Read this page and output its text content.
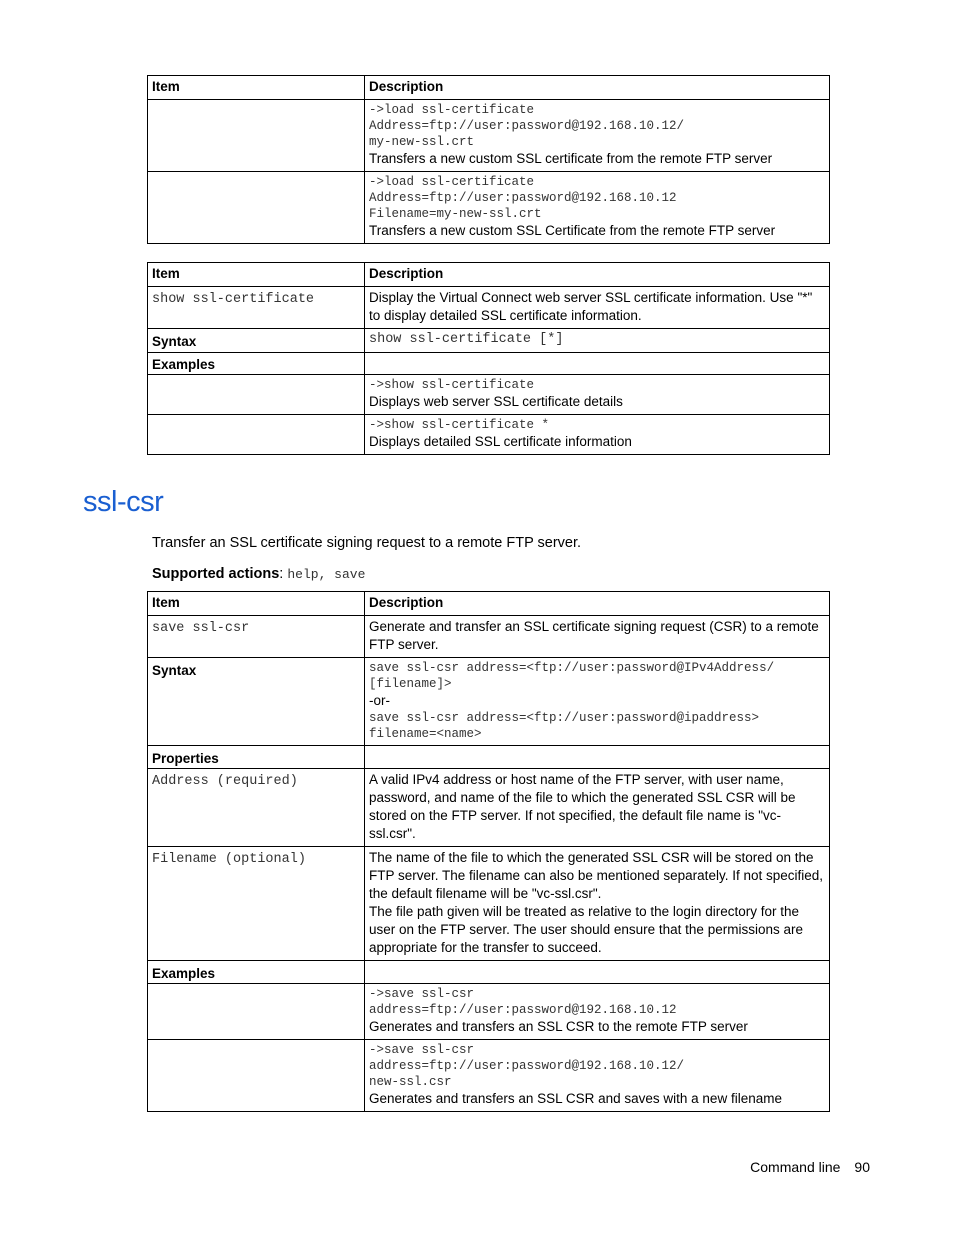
Item	Description

	->load ssl-certificate
Address=ftp://user:password@192.168.10.12/
my-new-ssl.crt
Transfers a new custom SSL certificate from the remote FTP server

	->load ssl-certificate
Address=ftp://user:password@192.168.10.12
Filename=my-new-ssl.crt
Transfers a new custom SSL Certificate from the remote FTP server
Item	Description
show ssl-certificate	Display the Virtual Connect web server SSL certificate information. Use "*" to display detailed SSL certificate information.
Syntax	show ssl-certificate [*]
Examples	

	->show ssl-certificate
Displays web server SSL certificate details

	->show ssl-certificate *
Displays detailed SSL certificate information
ssl-csr

Transfer an SSL certificate signing request to a remote FTP server.

Supported actions: help, save

Item	Description
save ssl-csr	Generate and transfer an SSL certificate signing request (CSR) to a remote FTP server.
Syntax	save ssl-csr address=<ftp://user:password@IPv4Address/
[filename]>
-or-
save ssl-csr address=<ftp://user:password@ipaddress>
filename=<name>

Properties	
Address (required)	A valid IPv4 address or host name of the FTP server, with user name, password, and name of the file to which the generated SSL CSR will be stored on the FTP server. If not specified, the default file name is "vc-ssl.csr".
Filename (optional)	The name of the file to which the generated SSL CSR will be stored on the FTP server. The filename can also be mentioned separately. If not specified, the default filename will be "vc-ssl.csr".
The file path given will be treated as relative to the login directory for the user on the FTP server. The user should ensure that the permissions are appropriate for the transfer to succeed.

Examples	

	->save ssl-csr
address=ftp://user:password@192.168.10.12
Generates and transfers an SSL CSR to the remote FTP server

	->save ssl-csr
address=ftp://user:password@192.168.10.12/
new-ssl.csr
Generates and transfers an SSL CSR and saves with a new filename
Command line 90
